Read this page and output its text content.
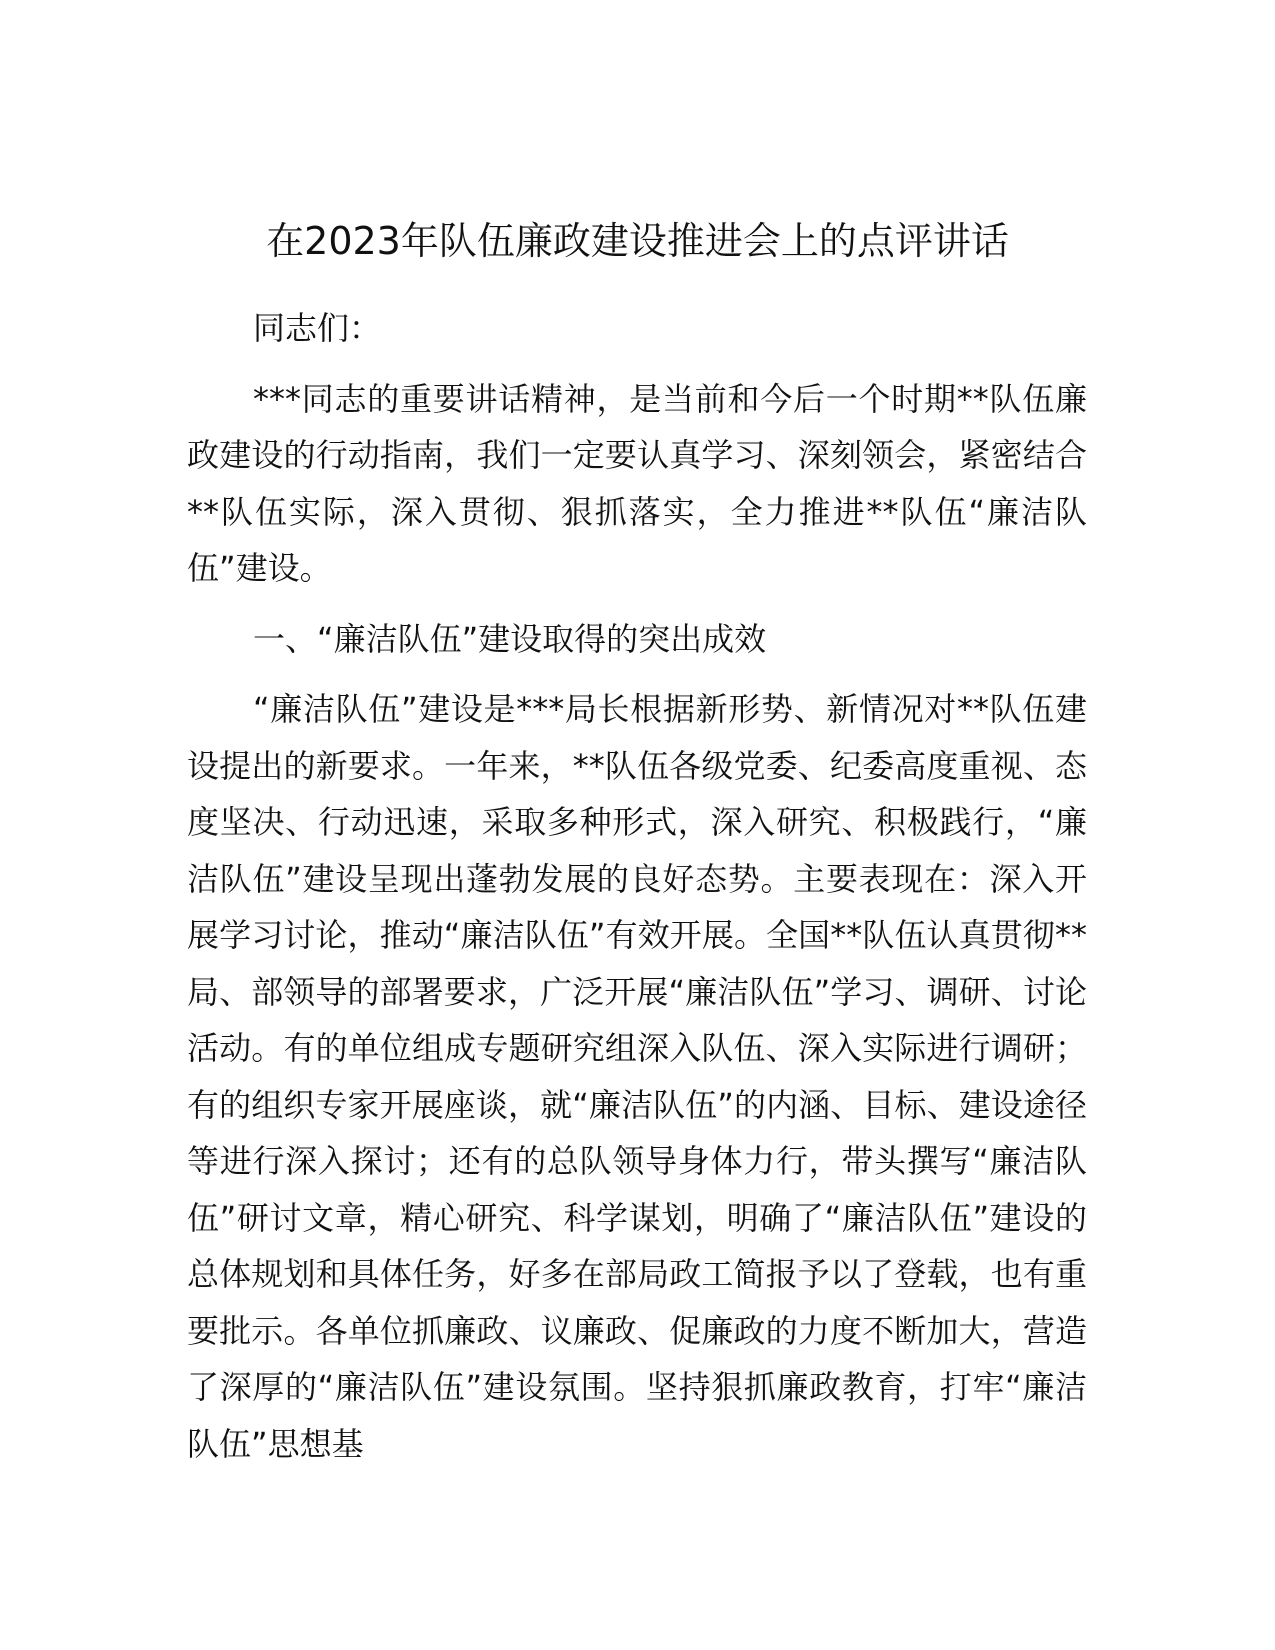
在2023年队伍廉政建设推进会上的点评讲话

同志们：

***同志的重要讲话精神，是当前和今后一个时期**队伍廉政建设的行动指南，我们一定要认真学习、深刻领会，紧密结合**队伍实际，深入贯彻、狠抓落实，全力推进**队伍“廉洁队伍”建设。

一、“廉洁队伍”建设取得的突出成效

“廉洁队伍”建设是***局长根据新形势、新情况对**队伍建设提出的新要求。一年来，**队伍各级党委、纪委高度重视、态度坚决、行动迅速，采取多种形式，深入研究、积极践行，“廉洁队伍”建设呈现出蓬勃发展的良好态势。主要表现在：深入开展学习讨论，推动“廉洁队伍”有效开展。全国**队伍认真贯彻**局、部领导的部署要求，广泛开展“廉洁队伍”学习、调研、讨论活动。有的单位组成专题研究组深入队伍、深入实际进行调研；有的组织专家开展座谈，就“廉洁队伍”的内涵、目标、建设途径等进行深入探讨；还有的总队领导身体力行，带头撰写“廉洁队伍”研讨文章，精心研究、科学谋划，明确了“廉洁队伍”建设的总体规划和具体任务，好多在部局政工简报予以了登载，也有重要批示。各单位抓廉政、议廉政、促廉政的力度不断加大，营造了深厚的“廉洁队伍”建设氛围。坚持狠抓廉政教育，打牢“廉洁队伍”思想基
